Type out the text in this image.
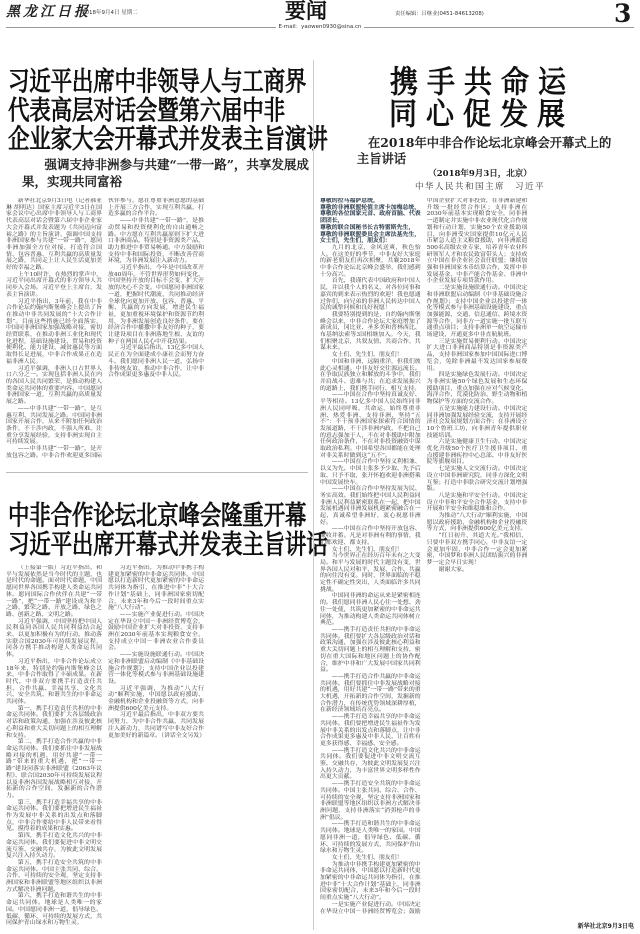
黑龙江日报
2018年9月4日 星期二	要闻	责任编辑：吕继业(0451-84613208)	3
E-mail：yaowen0930@sina.cn
习近平出席中非领导人与工商界
代表高层对话会暨第六届中非
企业家大会开幕式并发表主旨演讲
强调支持非洲参与共建“一带一路”，共享发展成果，实现共同富裕

新华社北京9月3日电（记者郝亚琳 胡明达）国家主席习近平3日在国家会议中心出席中非领导人与工商界代表高层对话会暨第六届中非企业家大会开幕式并发表题为《共同迈向富裕之路》的主旨演讲，强调中国支持非洲国家参与共建“一带一路”，愿同非洲加强全方位对接，打造符合国情、包容普惠、互利共赢的高质量发展之路，共同走上让人民生活更加美好的幸福之路。

上午10时许，在热烈的掌声中，习近平同出席开幕式的非方领导人共同步入会场。习近平登上主席台，发表主旨演讲。

习近平指出，3年前，我在中非合作论坛约翰内斯堡峰会上提出了旨在推动中非共同发展的“十大合作计划”。目前这些措施已经全面落实，中国同非洲国家加强战略对接，密切经贸联系，在推动非洲工业化和现代化进程，基础设施建设、贸易和投资便利化、能力建设、减贫惠民等方面取得长足进展，中非合作成果正在造福非洲人民。

习近平强调，非洲人口占世界人口六分之一。实现包括非洲人民在内的各国人民共同繁荣，是推动构建人类命运共同体的重要内容。中国愿同非洲国家一道，互利共赢的高质量发展之路。

——中非共建“一带一路”，是互惠互利、共同发展之路。中国同非洲国家开展合作，从来不附加任何政治条件，不干涉内政，不强人所难，注重分享发展经验，支持非洲实现自主可持续发展。

——中非共建“一带一路”，是开放包容之路。中非合作欢迎更多国际伙伴参与，愿在尊重非洲意愿的基础上开展三方合作，实现互利共赢，打造多赢的合作平台。

——中非共建“一带一路”，是推动贸易和投资便利化的自由通畅之路。中方愿在互利共赢原则下扩大进口非洲商品，特别是非资源类产品，助力推进中非贸易畅通。中方鼓励和支持中非和国际投资，不断改善营商环境，为非洲发展注入新动力。

习近平指出，今年是中国改革开放40周年。不管世界形势如何变化，中国坚持开放的目标不会变，扩大开放的决心不会变。中国愿同非洲国家一道，把握时代潮流，共同推动经济全球化向更加开放、包容、普惠、平衡、共赢的方向发展，增进民生福祉，更加重视环境保护和资源节约利用，为非洲发展创造良好条件，要在经济合作中播撒中非友好的种子，要让建设项目在非洲落地生根、友谊的种子在两国人民心中开花结果。

习近平最后指出，13亿多中国人民正在为全面建成小康社会而努力奋斗。我们愿同非洲人民一道，弘扬中非传统友谊，推动中非合作，让中非合作成果更多惠及中非人民。

中非合作论坛北京峰会隆重开幕
习近平出席开幕式并发表主旨讲话

（上接第一版）习近平指出，和平与发展依然是当今时代的主题，也是时代的命题。面对时代命题，中国愿同世界各国携手构建人类命运共同体。愿同国际合作伙伴在共建“一带一路”，把“一带一路”建设成为和平之路、繁荣之路、开放之路、绿色之路、创新之路、文明之路。

习近平强调，中国坚持把中国人民利益同各国人民共同利益结合起来，以更加积极有为的行动，推动落实联合国2030年可持续发展议程，同各方携手推动构建人类命运共同体。

习近平指出，中非合作论坛成立18年来，特别是约翰内斯堡峰会以来，中非合作取得了丰硕成果。在新时代，中非双方要携手打造责任共担、合作共赢、幸福共享、文化共兴、安全共筑、和谐共生的中非命运共同体。

第一，携手打造责任共担的中非命运共同体。我们要扩大各层级政治对话和政策沟通，加强在涉及彼此核心利益和重大关切问题上的相互理解和支持。

第二，携手打造合作共赢的中非命运共同体。我们要抓住中非发展战略对接的机遇，用好共建“一带一路”带来的重大机遇，把“一带一路”建设同落实非洲联盟《2063年议程》、联合国2030年可持续发展议程以及非洲各国发展战略相互对接，开拓新的合作空间，发掘新的合作潜力。

第三，携手打造幸福共享的中非命运共同体。我们要把增进民生福祉作为发展中非关系的出发点和落脚点，中非合作要给中非人民带来看得见、摸得着的成果和实惠。

第四，携手打造文化共兴的中非命运共同体。我们要促进中非文明交流互鉴、交融共存，为彼此文明发展复兴注入持久动力。

第五，携手打造安全共筑的中非命运共同体。中国主张共同、综合、合作、可持续的安全观，坚定支持非洲国家和非洲联盟等地区组织以非洲方式解决非洲问题。

第六，携手打造和谐共生的中非命运共同体。地球是人类唯一的家园。中国愿同非洲一道，倡导绿色、低碳、循环、可持续的发展方式，共同保护青山绿水和万物生灵。

习近平指出，为推动中非携手构建更加紧密的中非命运共同体，中国愿以打造新时代更加紧密的中非命运共同体为指引，在推进中非“十大合作计划”基础上，同非洲国家密切配合，未来3年和今后一段时间重点实施“八大行动”。

——实施产业促进行动。中国决定在华设立中国－非洲经贸博览会，鼓励中国企业扩大对非投资，支持非洲在2030年前基本实现粮食安全，支持成立中国－非洲农业合作委员会。

——实施设施联通行动。中国决定和非洲联盟启动编制《中非基础设施合作规划》；支持中国企业以投建营一体化等模式参与非洲基础设施建设。

习近平强调，为推动“八大行动”顺利实施，中国愿以政府援助、金融机构和企业投融资等方式，向非洲提供600亿美元支持。

习近平最后指出，中非双方要共同努力，为中非合作共赢、共同发展注入新动力，共同谱写中非友好合作更加美好的新篇章。（讲话全文另发）

携手共命运
同心促发展
在2018年中非合作论坛北京峰会开幕式上的
主旨讲话
（2018年9月3日，北京）
中华人民共和国主席　习近平

尊敬的拉马福萨总统，

尊敬的非洲联盟轮值主席卡加梅总统，

尊敬的各位国家元首、政府首脑、代表团团长，

尊敬的联合国秘书长古特雷斯先生，

尊敬的非洲联盟委员会主席法基先生，

女士们，先生们，朋友们：

九月的北京，金风送爽，秋色怡人。在这美好的季节，中非友好大家庭的新老朋友们再次相聚，共襄2018年中非合作论坛北京峰会盛举，我们感到十分高兴。

首先，我谨代表中国政府和中国人民，并以我个人的名义，对各位同事和嘉宾的到来表示热烈的欢迎！我也愿通过你们，向兄弟的非洲人民转达中国人民的诚挚问候和良好祝愿！

我要特别提到的是，自约翰内斯堡峰会以来，中非合作论坛大家庭增加了新成员，冈比亚、圣多美和普林西比、布基纳法索等3国相继加入。今天，我们相聚北京，共叙友情、共商合作、共谋未来。

女士们、先生们、朋友们！

中国和非洲，远隔重洋，但我们彼此心灵相通。中非友好交往源远流长。在争取民族独立和解放的斗争中，我们并肩战斗、患难与共；在追求发展振兴的道路上，我们携手同行、相互支持。

——中国在合作中坚持真诚友好、平等相待。13亿多中国人民始终同非洲人民同呼吸、共命运，始终尊重非洲、热爱非洲、支持非洲，坚持“五不”：不干预非洲国家探索符合国情的发展道路，不干涉非洲内政，不把自己的意志强加于人，不在对非援助中附加任何政治条件，不在对非投资融资中谋取政治私利。中国希望各国都能在处理对非关系时做到这“五不”。

——中国在合作中坚持义利相兼、以义为先。中国主张多予少取、先予后取、只予不取，张开怀抱欢迎非洲搭乘中国发展快车。

——中国在合作中坚持发展为民、务实高效。我们始终把中国人民利益同非洲人民利益紧密联系在一起，把中国发展机遇同非洲发展机遇紧密融合在一起，真诚希望非洲好，衷心祝愿非洲好。

——中国在合作中坚持开放包容、兼收并蓄。凡是对非洲有利的事情，我们都欢迎、都支持。

女士们、先生们、朋友们！

当今世界正在经历百年未有之大变局。和平与发展的时代主题没有变，世界各国人民对和平、发展、合作、共赢的向往没有变。同时，世界面临的不稳定性不确定性突出，人类面临许多共同挑战。

中国同非洲的命运从来是紧密相连的。我们愿同非洲人民心往一处想、劲往一处使，共筑更加紧密的中非命运共同体，为推动构建人类命运共同体树立典范。

——携手打造责任共担的中非命运共同体。我们要扩大各层级政治对话和政策沟通，加强在涉及彼此核心利益和重大关切问题上的相互理解和支持，密切在重大国际和地区问题上的协作配合，维护中非和广大发展中国家共同利益。

——携手打造合作共赢的中非命运共同体。我们要抓住中非发展战略对接的机遇，用好共建“一带一路”带来的重大机遇，开拓新的合作空间，发掘新的合作潜力，在传统优势领域深耕厚植，在新经济领域培育亮点。

——携手打造幸福共享的中非命运共同体。我们要把增进民生福祉作为发展中非关系的出发点和落脚点，让中非合作成果更多惠及中非人民，让百姓有更多获得感、幸福感、安全感。

——携手打造文化共兴的中非命运共同体。我们要促进中非文明交流互鉴、交融共存，为彼此文明发展复兴注入持久动力，为丰富世界文明多样性作出更大贡献。

——携手打造安全共筑的中非命运共同体。中国主张共同、综合、合作、可持续的安全观，坚定支持非洲国家和非洲联盟等地区组织以非洲方式解决非洲问题，支持非洲落实“消弭枪声的非洲”倡议。

——携手打造和谐共生的中非命运共同体。地球是人类唯一的家园。中国愿同非洲一道，倡导绿色、低碳、循环、可持续的发展方式，共同保护青山绿水和万物生灵。

女士们、先生们、朋友们！

为推动中非携手构建更加紧密的中非命运共同体，中国愿以打造新时代更加紧密的中非命运共同体为指引，在推进中非“十大合作计划”基础上，同非洲国家密切配合，未来3年和今后一段时间重点实施“八大行动”。

一是实施产业促进行动。中国决定在华设立中国－非洲经贸博览会；鼓励中国企业扩大对非投资，在非洲新建和升级一批经贸合作区；支持非洲在2030年前基本实现粮食安全，同非洲一道制定并实施中非农业现代化合作规划和行动计划，实施50个农业援助项目，向非洲受灾国家提供10亿元人民币紧急人道主义粮食援助，向非洲派遣500名高级农业专家，培养青年农业科研领军人才和农民致富带头人；支持成立中国在非企业社会责任联盟；继续加强和非洲国家本币结算合作，发挥中非发展基金、中非产能合作基金、非洲中小企业发展专项贷款作用。

二是实施设施联通行动。中国决定和非洲联盟启动编制《中非基础设施合作规划》；支持中国企业以投建营一体化等模式参与非洲基础设施建设，重点加强能源、交通、信息通信、跨境水资源等合作，同非方一道实施一批互联互通重点项目；支持非洲单一航空运输市场建设，开通更多中非直航航班。

三是实施贸易便利行动。中国决定扩大进口非洲商品特别是非资源类产品，支持非洲国家参加中国国际进口博览会，免除非洲最不发达国家参展费用。

四是实施绿色发展行动。中国决定为非洲实施50个绿色发展和生态环保援助项目，重点加强在应对气候变化、海洋合作、荒漠化防治、野生动物和植物保护等方面的交流合作。

五是实施能力建设行动。中国决定同非洲加强发展经验交流，支持开展经济社会发展规划方面合作；在非洲设立10个鲁班工坊，向非洲青年提供职业技能培训。

六是实施健康卫生行动。中国决定优化升级50个医疗卫生援非项目，重点援建非洲疾控中心总部、中非友好医院等旗舰项目。

七是实施人文交流行动。中国决定设立中国非洲研究院，同非方深化文明互鉴；打造中非联合研究交流计划增强版。

八是实施和平安全行动。中国决定设立中非和平安全合作基金，支持中非开展和平安全和维稳维和合作。

为推动“八大行动”顺利实施，中国愿以政府援助、金融机构和企业投融资等方式，向非洲提供600亿美元支持。

“红日初升，其道大光。”我相信，只要中非双方携手同心，中非友谊一定会更加牢固，中非合作一定会更加紧密，中国梦和非洲人民团结振兴的非洲梦一定会早日实现！

谢谢大家。

新华社北京9月3日电
